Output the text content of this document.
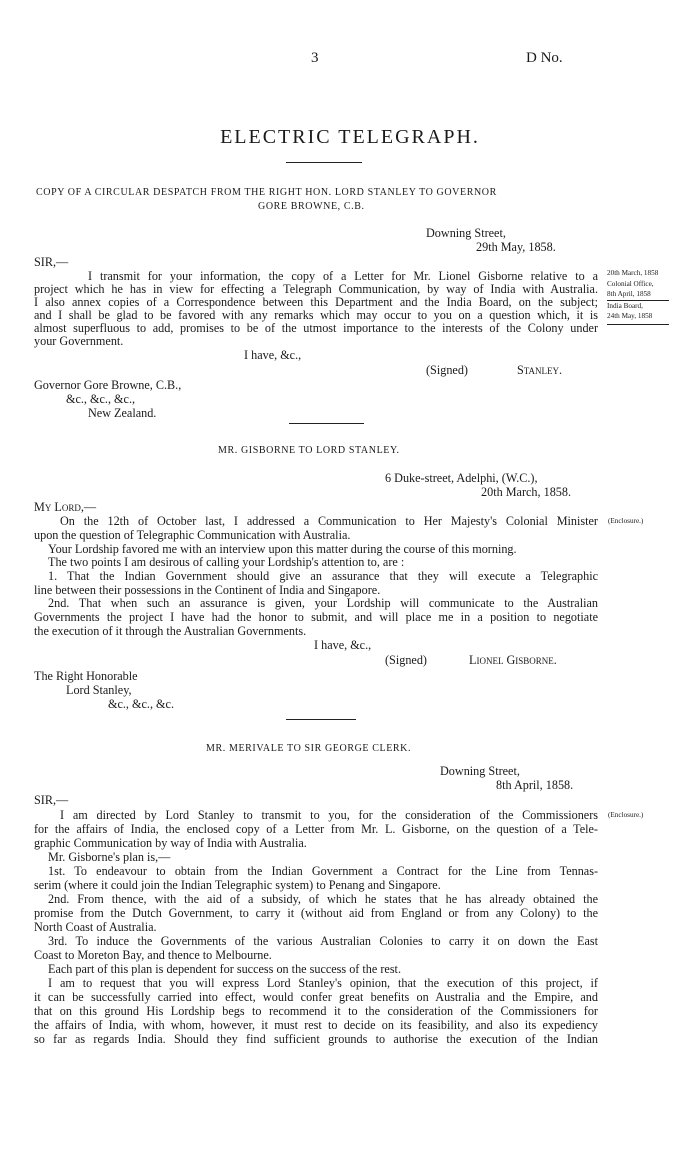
3	D No.
ELECTRIC TELEGRAPH.
COPY OF A CIRCULAR DESPATCH FROM THE RIGHT HON. LORD STANLEY TO GOVERNOR
GORE BROWNE, C.B.
Downing Street,
29th May, 1858.
SIR,—
I transmit for your information, the copy of a Letter for Mr. Lionel Gisborne relative to a
project which he has in view for effecting a Telegraph Communication, by way of India with Australia.
I also annex copies of a Correspondence between this Department and the India Board, on the subject;
and I shall be glad to be favored with any remarks which may occur to you on a question which, it is
almost superfluous to add, promises to be of the utmost importance to the interests of the Colony under
your Government.
20th March, 1858
Colonial Office,
8th April, 1858
India Board,
24th May, 1858
I have, &c.,
(Signed)	Stanley.
Governor Gore Browne, C.B.,
&c., &c., &c.,
New Zealand.
MR. GISBORNE TO LORD STANLEY.
6 Duke-street, Adelphi, (W.C.),
20th March, 1858.
My Lord,—
On the 12th of October last, I addressed a Communication to Her Majesty's Colonial Minister
upon the question of Telegraphic Communication with Australia.
Your Lordship favored me with an interview upon this matter during the course of this morning.
The two points I am desirous of calling your Lordship's attention to, are :
1. That the Indian Government should give an assurance that they will execute a Telegraphic
line between their possessions in the Continent of India and Singapore.
2nd. That when such an assurance is given, your Lordship will communicate to the Australian
Governments the project I have had the honor to submit, and will place me in a position to negotiate
the execution of it through the Australian Governments.
(Enclosure.)
I have, &c.,
(Signed)	Lionel Gisborne.
The Right Honorable
Lord Stanley,
&c., &c., &c.
MR. MERIVALE TO SIR GEORGE CLERK.
Downing Street,
8th April, 1858.
SIR,—
I am directed by Lord Stanley to transmit to you, for the consideration of the Commissioners
for the affairs of India, the enclosed copy of a Letter from Mr. L. Gisborne, on the question of a Tele-
graphic Communication by way of India with Australia.
Mr. Gisborne's plan is,—
1st. To endeavour to obtain from the Indian Government a Contract for the Line from Tennas-
serim (where it could join the Indian Telegraphic system) to Penang and Singapore.
2nd. From thence, with the aid of a subsidy, of which he states that he has already obtained the
promise from the Dutch Government, to carry it (without aid from England or from any Colony) to the
North Coast of Australia.
3rd. To induce the Governments of the various Australian Colonies to carry it on down the East
Coast to Moreton Bay, and thence to Melbourne.
Each part of this plan is dependent for success on the success of the rest.
I am to request that you will express Lord Stanley's opinion, that the execution of this project, if
it can be successfully carried into effect, would confer great benefits on Australia and the Empire, and
that on this ground His Lordship begs to recommend it to the consideration of the Commissioners for
the affairs of India, with whom, however, it must rest to decide on its feasibility, and also its expediency
so far as regards India. Should they find sufficient grounds to authorise the execution of the Indian
(Enclosure.)
